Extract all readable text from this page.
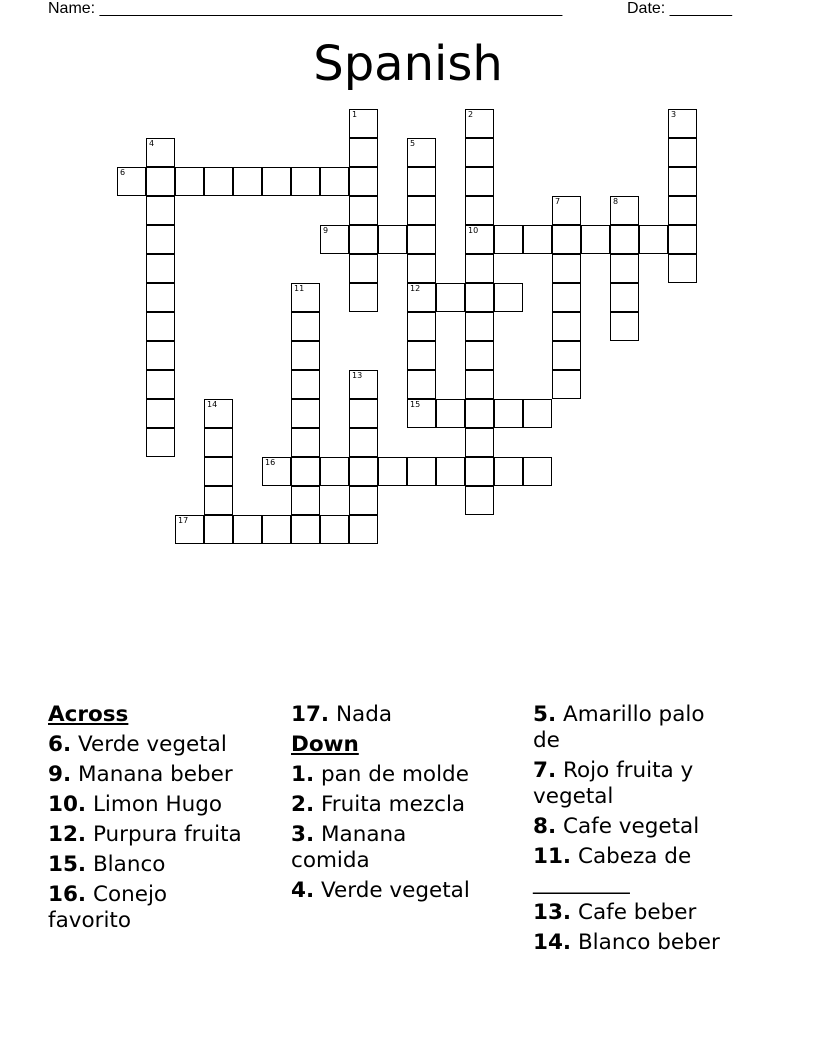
Name: ____________________________________________________	Date: _______
Spanish
1	2
10
3
4	5
12
15
6
7	8
9
11
13
14
16
17
Across
6. Verde vegetal
9. Manana beber
10. Limon Hugo
12. Purpura fruita
15. Blanco
16. Conejo favorito
17. Nada
Down
1. pan de molde
2. Fruita mezcla
3. Manana comida
4. Verde vegetal
5. Amarillo palo de
7. Rojo fruita y vegetal
8. Cafe vegetal
11. Cabeza de _________
13. Cafe beber
14. Blanco beber
